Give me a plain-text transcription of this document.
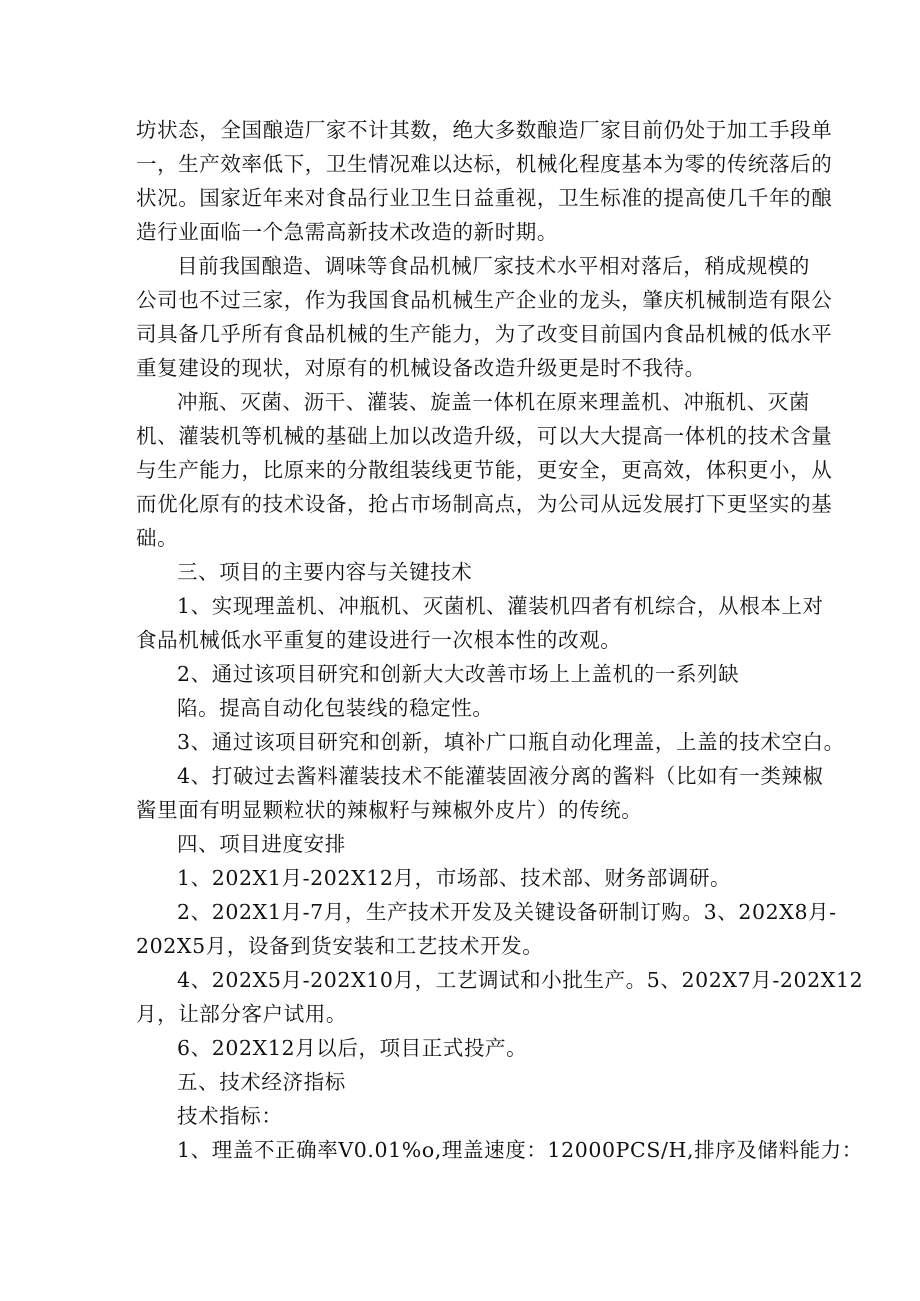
坊状态，全国酿造厂家不计其数，绝大多数酿造厂家目前仍处于加工手段单
一，生产效率低下，卫生情况难以达标，机械化程度基本为零的传统落后的
状况。国家近年来对食品行业卫生日益重视，卫生标准的提高使几千年的酿
造行业面临一个急需高新技术改造的新时期。
目前我国酿造、调味等食品机械厂家技术水平相对落后，稍成规模的
公司也不过三家，作为我国食品机械生产企业的龙头，肇庆机械制造有限公
司具备几乎所有食品机械的生产能力，为了改变目前国内食品机械的低水平
重复建设的现状，对原有的机械设备改造升级更是时不我待。
冲瓶、灭菌、沥干、灌装、旋盖一体机在原来理盖机、冲瓶机、灭菌
机、灌装机等机械的基础上加以改造升级，可以大大提高一体机的技术含量
与生产能力，比原来的分散组装线更节能，更安全，更高效，体积更小，从
而优化原有的技术设备，抢占市场制高点，为公司从远发展打下更坚实的基
础。
三、项目的主要内容与关键技术
1、实现理盖机、冲瓶机、灭菌机、灌装机四者有机综合，从根本上对
食品机械低水平重复的建设进行一次根本性的改观。
2、通过该项目研究和创新大大改善市场上上盖机的一系列缺
陷。提高自动化包装线的稳定性。
3、通过该项目研究和创新，填补广口瓶自动化理盖，上盖的技术空白。
4、打破过去酱料灌装技术不能灌装固液分离的酱料（比如有一类辣椒
酱里面有明显颗粒状的辣椒籽与辣椒外皮片）的传统。
四、项目进度安排
1、202X1月-202X12月，市场部、技术部、财务部调研。
2、202X1月-7月，生产技术开发及关键设备研制订购。3、202X8月-
202X5月，设备到货安装和工艺技术开发。
4、202X5月-202X10月，工艺调试和小批生产。5、202X7月-202X12
月，让部分客户试用。
6、202X12月以后，项目正式投产。
五、技术经济指标
技术指标：
1、理盖不正确率V0.01%o,理盖速度：12000PCS/H,排序及储料能力：
